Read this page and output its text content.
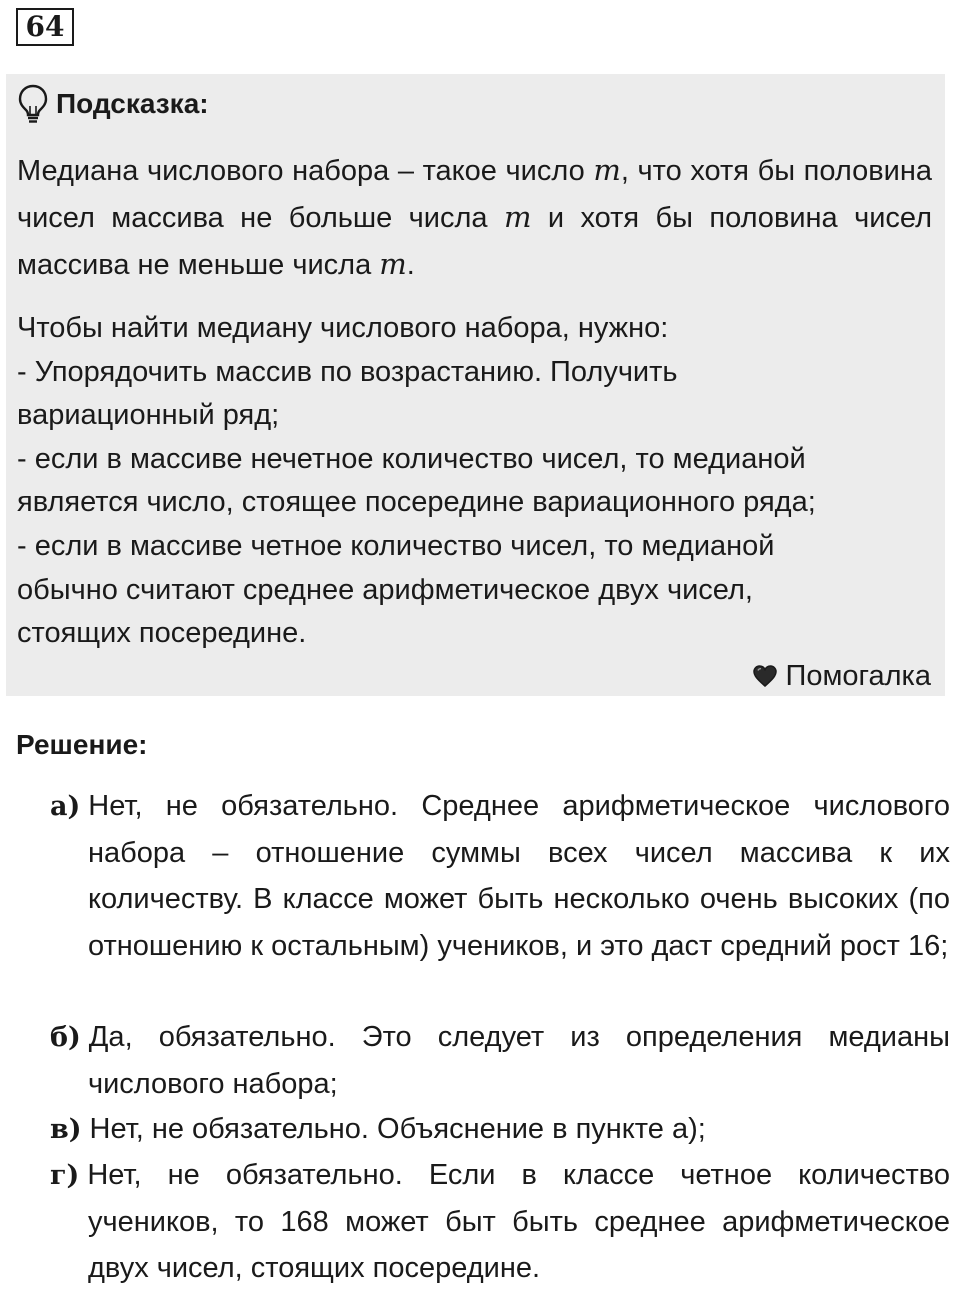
64
Подсказка:

Медиана числового набора – такое число m, что хотя бы половина чисел массива не больше числа m и хотя бы половина чисел массива не меньше числа m.

Чтобы найти медиану числового набора, нужно:
- Упорядочить массив по возрастанию. Получить
вариационный ряд;
- если в массиве нечетное количество чисел, то медианой
является число, стоящее посередине вариационного ряда;
- если в массиве четное количество чисел, то медианой
обычно считают среднее арифметическое двух чисел,
стоящих посередине.
Помогалка
Решение:

а) Нет, не обязательно. Среднее арифметическое числового набора – отношение суммы всех чисел массива к их количеству. В классе может быть несколько очень высоких (по отношению к остальным) учеников, и это даст средний рост 16;

б) Да, обязательно. Это следует из определения медианы числового набора;

в) Нет, не обязательно. Объяснение в пункте а);

г) Нет, не обязательно. Если в классе четное количество учеников, то 168 может быт быть среднее арифметическое двух чисел, стоящих посередине.
